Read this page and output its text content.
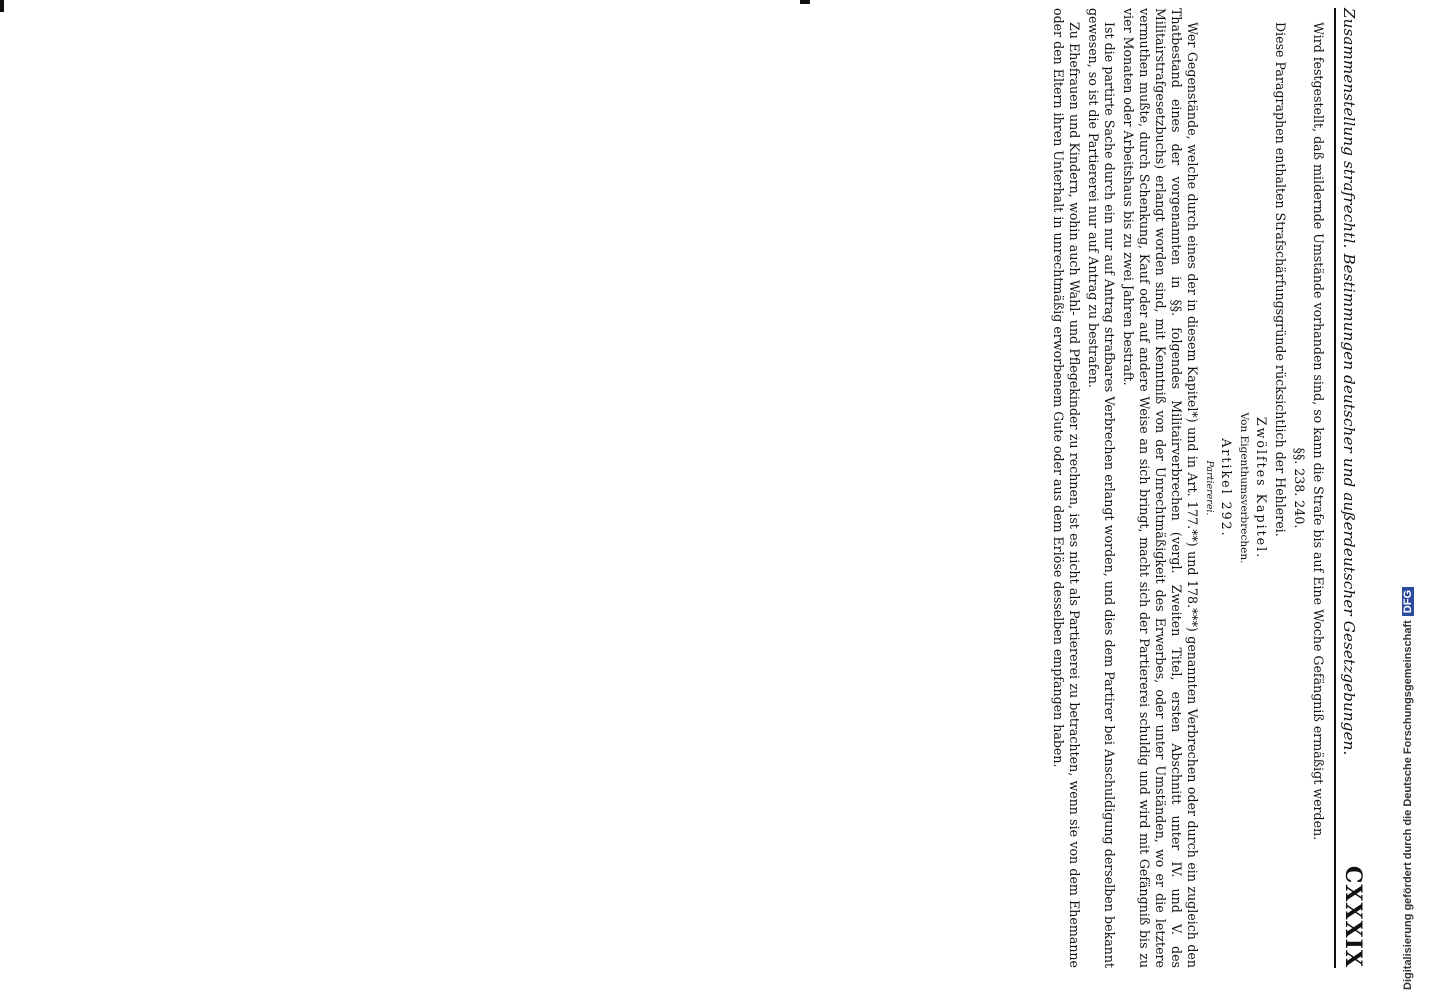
Zusammenstellung strafrechtl. Bestimmungen deutscher und außerdeutscher Gesetzgebungen.
CXXXIX

Wird festgestellt, daß mildernde Umstände vorhanden sind, so kann die Strafe bis auf Eine Woche Gefängniß ermäßigt werden.

§§. 238. 240.

Diese Paragraphen enthalten Strafschärfungsgründe rücksichtlich der Hehlerei.

Zwölftes Kapitel.

Von Eigenthumsverbrechen.

Artikel 292.

Partiererei.

Wer Gegenstände, welche durch eines der in diesem Kapitel*) und in Art. 177.**) und 178.***) genannten Verbrechen oder durch ein zugleich den Thatbestand eines der vorgenannten in §§. folgendes Militairverbrechen (vergl. Zweiten Titel, ersten Abschnitt unter IV. und V. des Militairstrafgesetzbuchs) erlangt worden sind, mit Kenntniß von der Unrechtmäßigkeit des Erwerbes, oder unter Umständen, wo er die letztere vermuthen mußte, durch Schenkung, Kauf oder auf andere Weise an sich bringt, macht sich der Partiererei schuldig und wird mit Gefängniß bis zu vier Monaten oder Arbeitshaus bis zu zwei Jahren bestraft.

Ist die partirte Sache durch ein nur auf Antrag strafbares Verbrechen erlangt worden, und dies dem Partirer bei Anschuldigung derselben bekannt gewesen, so ist die Partiererei nur auf Antrag zu bestrafen.

Zu Ehefrauen und Kindern, wohin auch Wahl- und Pflegekinder zu rechnen, ist es nicht als Partiererei zu betrachten, wenn sie von dem Ehemanne oder den Eltern ihren Unterhalt in unrechtmäßig erworbenem Gute oder aus dem Erlöse desselben empfangen haben.

Digitalisierung gefördert durch die Deutsche ForschungsgemeinschaftDFG
